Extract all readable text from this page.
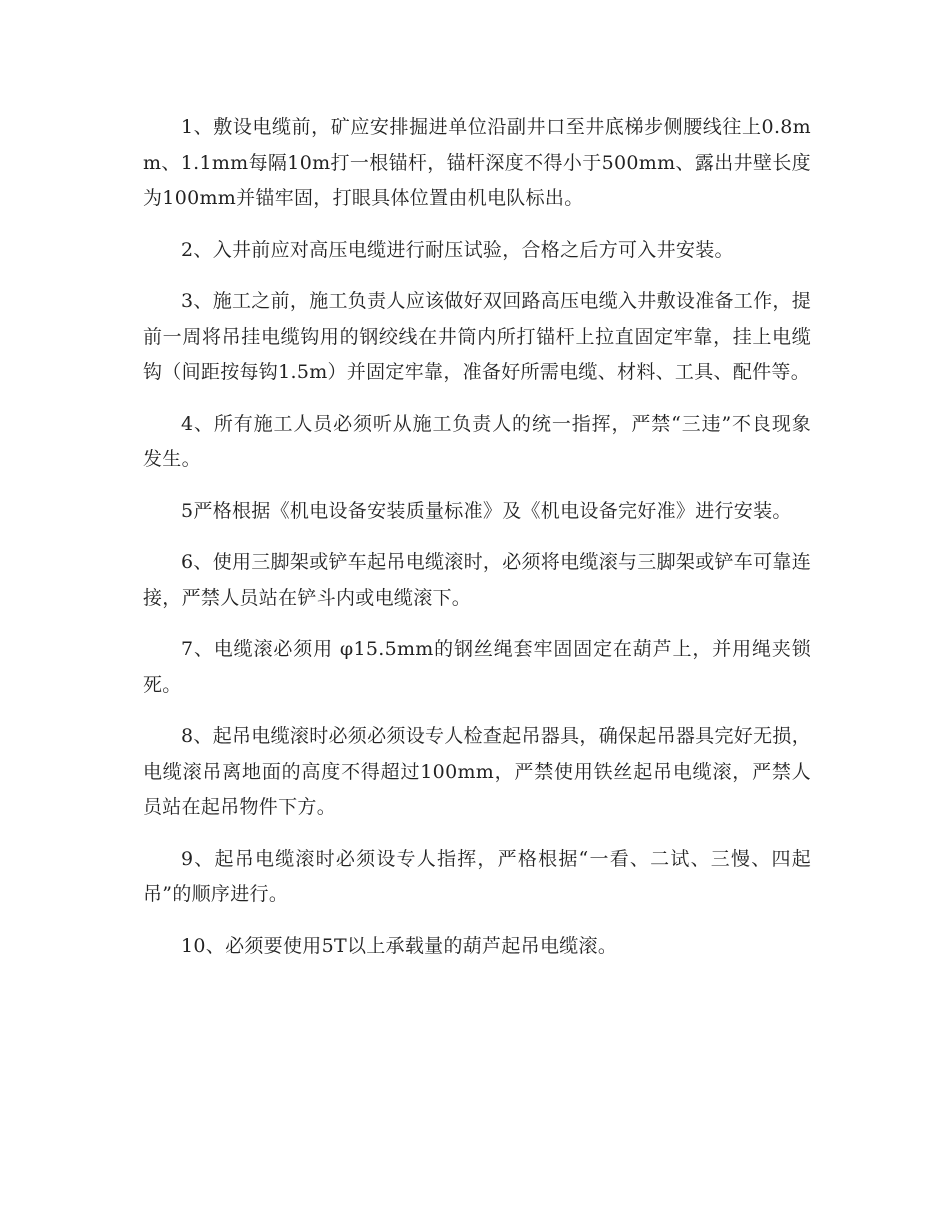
1、敷设电缆前，矿应安排掘进单位沿副井口至井底梯步侧腰线往上0.8mm、1.1mm每隔10m打一根锚杆，锚杆深度不得小于500mm、露出井壁长度为100mm并锚牢固，打眼具体位置由机电队标出。

2、入井前应对高压电缆进行耐压试验，合格之后方可入井安装。

3、施工之前，施工负责人应该做好双回路高压电缆入井敷设准备工作，提前一周将吊挂电缆钩用的钢绞线在井筒内所打锚杆上拉直固定牢靠，挂上电缆钩（间距按每钩1.5m）并固定牢靠，准备好所需电缆、材料、工具、配件等。

4、所有施工人员必须听从施工负责人的统一指挥，严禁“三违”不良现象发生。

5严格根据《机电设备安装质量标准》及《机电设备完好准》进行安装。

6、使用三脚架或铲车起吊电缆滚时，必须将电缆滚与三脚架或铲车可靠连接，严禁人员站在铲斗内或电缆滚下。

7、电缆滚必须用 φ15.5mm的钢丝绳套牢固固定在葫芦上，并用绳夹锁死。

8、起吊电缆滚时必须必须设专人检查起吊器具，确保起吊器具完好无损，电缆滚吊离地面的高度不得超过100mm，严禁使用铁丝起吊电缆滚，严禁人员站在起吊物件下方。

9、起吊电缆滚时必须设专人指挥，严格根据“一看、二试、三慢、四起吊”的顺序进行。

10、必须要使用5T以上承载量的葫芦起吊电缆滚。
